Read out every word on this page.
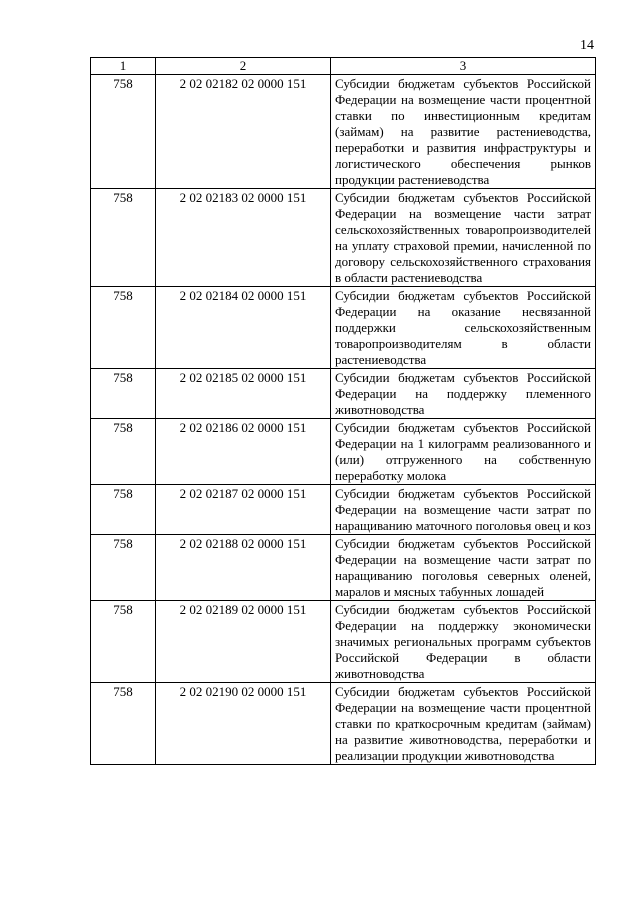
14
1	2	3
758	2 02 02182 02 0000 151	Субсидии бюджетам субъектов Российской Федерации на возмещение части процентной ставки по инвестиционным кредитам (займам) на развитие растениеводства, переработки и развития инфраструктуры и логистического обеспечения рынков продукции растениеводства
758	2 02 02183 02 0000 151	Субсидии бюджетам субъектов Российской Федерации на возмещение части затрат сельскохозяйственных товаропроизводителей на уплату страховой премии, начисленной по договору сельскохозяйственного страхования в области растениеводства
758	2 02 02184 02 0000 151	Субсидии бюджетам субъектов Российской Федерации на оказание несвязанной поддержки сельскохозяйственным товаропроизводителям в области растениеводства
758	2 02 02185 02 0000 151	Субсидии бюджетам субъектов Российской Федерации на поддержку племенного животноводства
758	2 02 02186 02 0000 151	Субсидии бюджетам субъектов Российской Федерации на 1 килограмм реализованного и (или) отгруженного на собственную переработку молока
758	2 02 02187 02 0000 151	Субсидии бюджетам субъектов Российской Федерации на возмещение части затрат по наращиванию маточного поголовья овец и коз
758	2 02 02188 02 0000 151	Субсидии бюджетам субъектов Российской Федерации на возмещение части затрат по наращиванию поголовья северных оленей, маралов и мясных табунных лошадей
758	2 02 02189 02 0000 151	Субсидии бюджетам субъектов Российской Федерации на поддержку экономически значимых региональных программ субъектов Российской Федерации в области животноводства
758	2 02 02190 02 0000 151	Субсидии бюджетам субъектов Российской Федерации на возмещение части процентной ставки по краткосрочным кредитам (займам) на развитие животноводства, переработки и реализации продукции животноводства
